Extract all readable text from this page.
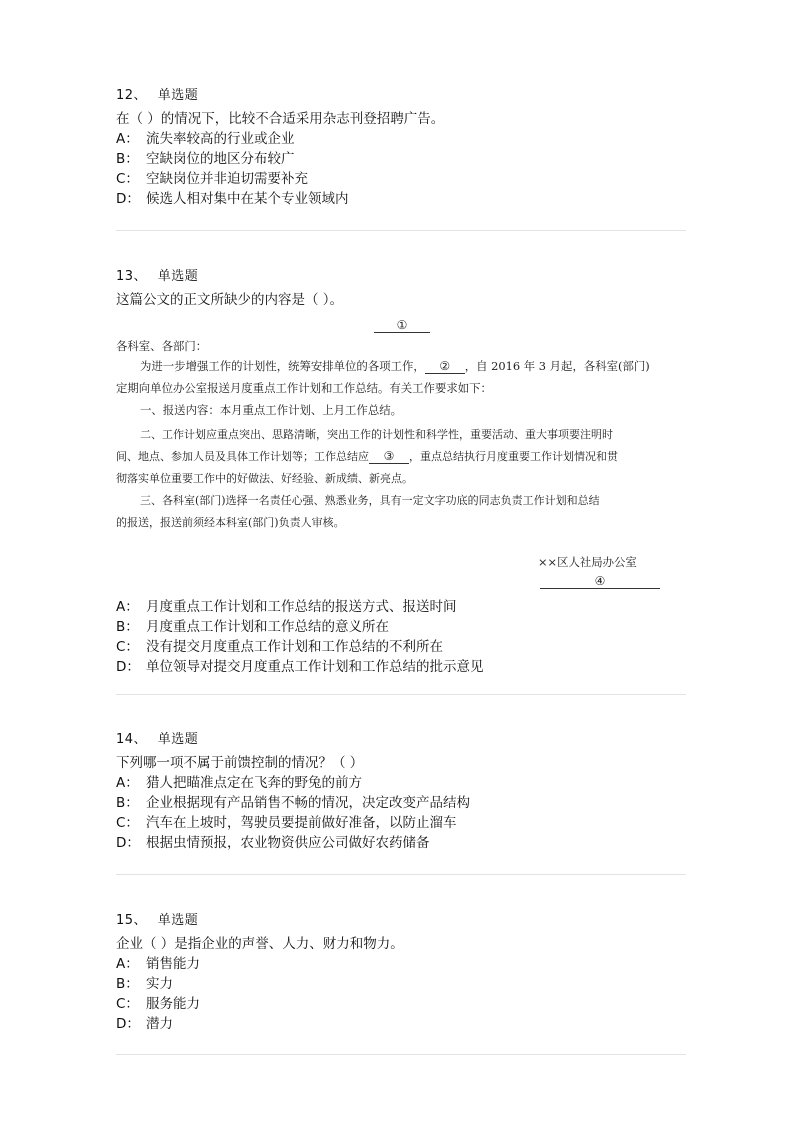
12、 单选题
在（ ）的情况下，比较不合适采用杂志刊登招聘广告。
A： 流失率较高的行业或企业
B： 空缺岗位的地区分布较广
C： 空缺岗位并非迫切需要补充
D： 候选人相对集中在某个专业领域内
13、 单选题
这篇公文的正文所缺少的内容是（ ）。
①
各科室、各部门：
为进一步增强工作的计划性，统筹安排单位的各项工作， ② ，自 2016 年 3 月起，各科室(部门)
定期向单位办公室报送月度重点工作计划和工作总结。有关工作要求如下：
一、报送内容：本月重点工作计划、上月工作总结。
二、工作计划应重点突出、思路清晰，突出工作的计划性和科学性，重要活动、重大事项要注明时
间、地点、参加人员及具体工作计划等；工作总结应 ③ ，重点总结执行月度重要工作计划情况和贯
彻落实单位重要工作中的好做法、好经验、新成绩、新亮点。
三、各科室(部门)选择一名责任心强、熟悉业务，具有一定文字功底的同志负责工作计划和总结
的报送，报送前须经本科室(部门)负责人审核。
××区人社局办公室
④
A： 月度重点工作计划和工作总结的报送方式、报送时间
B： 月度重点工作计划和工作总结的意义所在
C： 没有提交月度重点工作计划和工作总结的不利所在
D： 单位领导对提交月度重点工作计划和工作总结的批示意见
14、 单选题
下列哪一项不属于前馈控制的情况？（ ）
A： 猎人把瞄准点定在飞奔的野兔的前方
B： 企业根据现有产品销售不畅的情况，决定改变产品结构
C： 汽车在上坡时，驾驶员要提前做好准备，以防止溜车
D： 根据虫情预报，农业物资供应公司做好农药储备
15、 单选题
企业（ ）是指企业的声誉、人力、财力和物力。
A： 销售能力
B： 实力
C： 服务能力
D： 潜力
